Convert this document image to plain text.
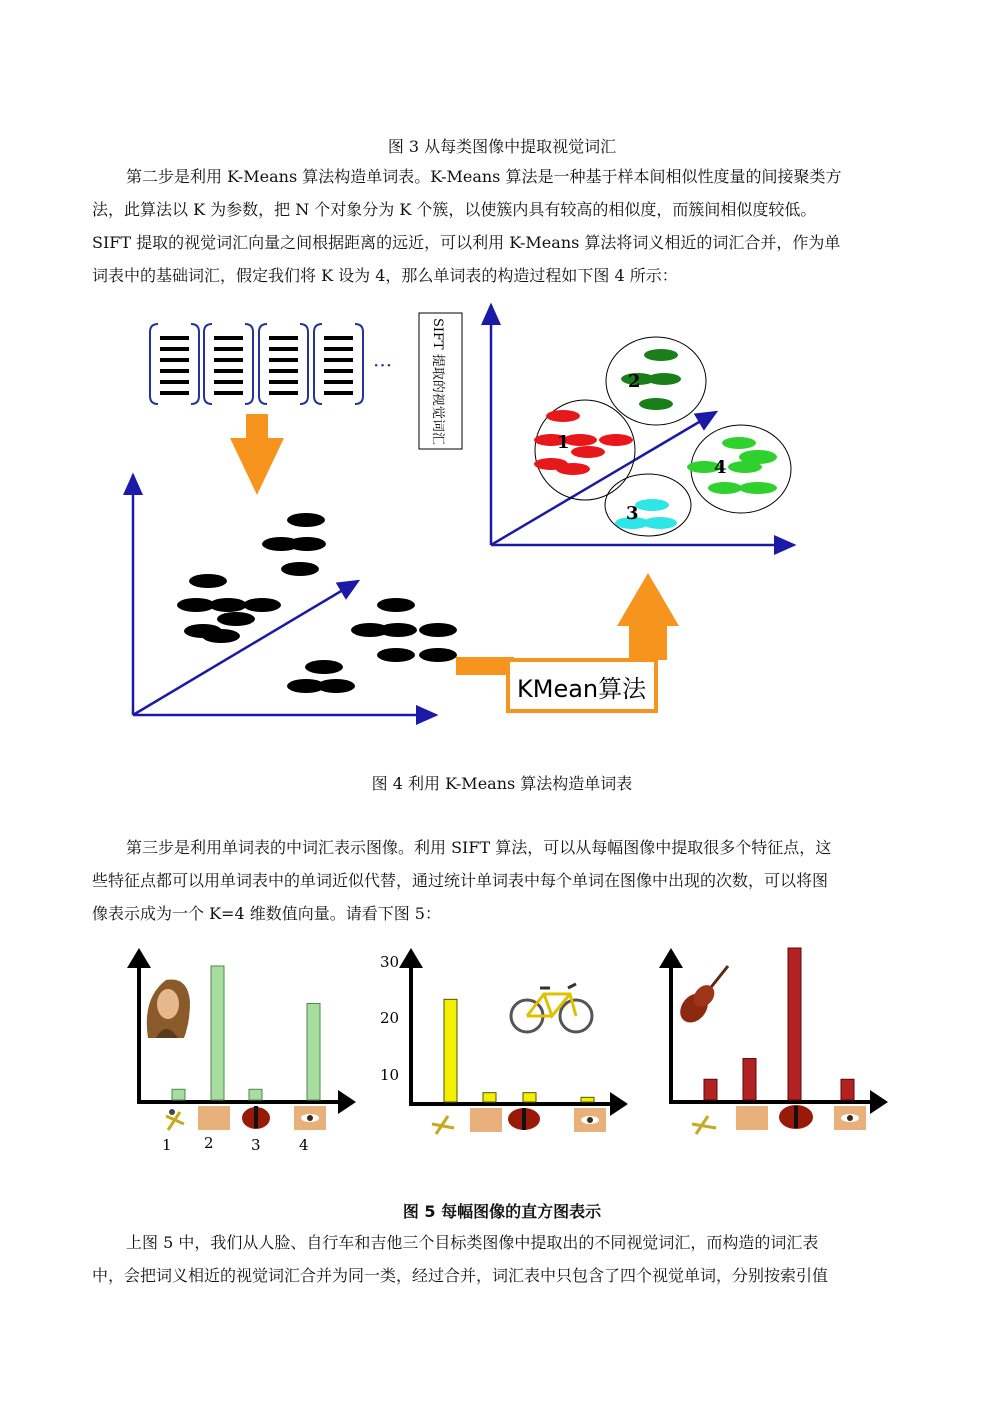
图 3 从每类图像中提取视觉词汇

第二步是利用 K-Means 算法构造单词表。K-Means 算法是一种基于样本间相似性度量的间接聚类方

法，此算法以 K 为参数，把 N 个对象分为 K 个簇，以使簇内具有较高的相似度，而簇间相似度较低。

SIFT 提取的视觉词汇向量之间根据距离的远近，可以利用 K-Means 算法将词义相近的词汇合并，作为单

词表中的基础词汇，假定我们将 K 设为 4，那么单词表的构造过程如下图 4 所示：

···	SIFT 提取的视觉词汇
KMean算法
1
2
3
4
图 4 利用 K-Means 算法构造单词表

第三步是利用单词表的中词汇表示图像。利用 SIFT 算法，可以从每幅图像中提取很多个特征点，这

些特征点都可以用单词表中的单词近似代替，通过统计单词表中每个单词在图像中出现的次数，可以将图

像表示成为一个 K=4 维数值向量。请看下图 5：

1 2 3	4
30
20
10
图 5 每幅图像的直方图表示

上图 5 中，我们从人脸、自行车和吉他三个目标类图像中提取出的不同视觉词汇，而构造的词汇表

中，会把词义相近的视觉词汇合并为同一类，经过合并，词汇表中只包含了四个视觉单词，分别按索引值
